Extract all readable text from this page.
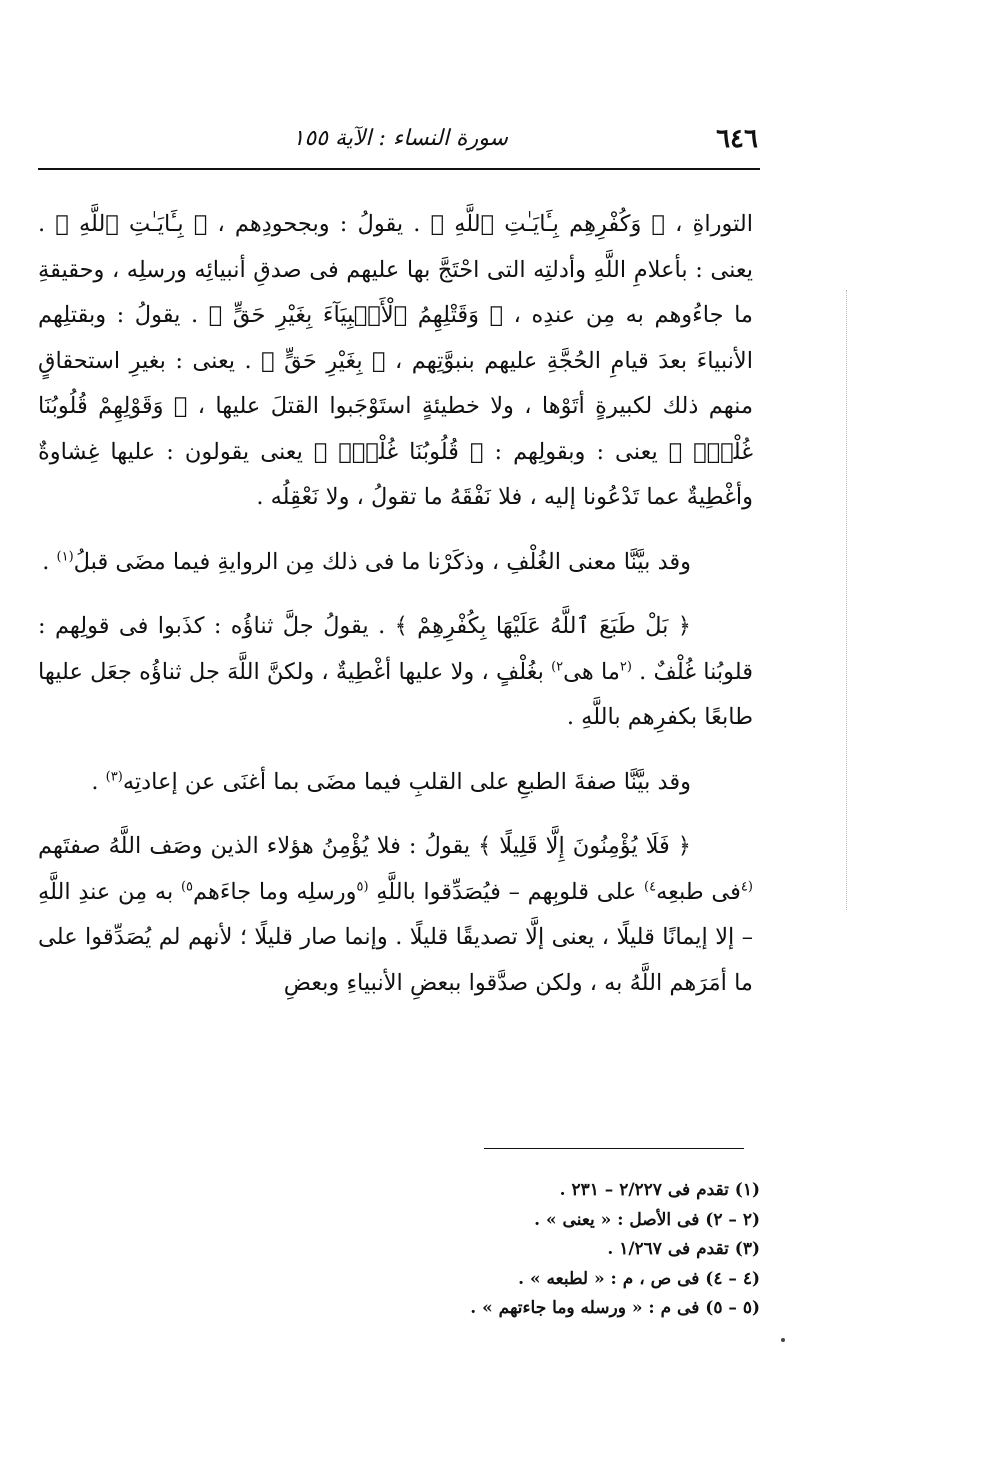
٦٤٦
سورة النساء : الآية ١٥٥

التوراةِ ، ﴿ وَكُفْرِهِم بِـَٔايَـٰتِ ٱللَّهِ ﴾ . يقولُ : وبجحودِهم ، ﴿ بِـَٔايَـٰتِ ٱللَّهِ ﴾ . يعنى : بأعلامِ اللَّهِ وأدلتِه التى احْتَجَّ بها عليهم فى صدقِ أنبيائِه ورسلِه ، وحقيقةِ ما جاءُوهم به مِن عندِه ، ﴿ وَقَتْلِهِمُ ٱلْأَنۢبِيَآءَ بِغَيْرِ حَقٍّ ﴾ . يقولُ : وبقتلِهم الأنبياءَ بعدَ قيامِ الحُجَّةِ عليهم بنبوَّتِهم ، ﴿ بِغَيْرِ حَقٍّ ﴾ . يعنى : بغيرِ استحقاقٍ منهم ذلك لكبيرةٍ أتَوْها ، ولا خطيئةٍ استَوْجَبوا القتلَ عليها ، ﴿ وَقَوْلِهِمْ قُلُوبُنَا غُلْفٌۢ ﴾ يعنى : وبقولِهم : ﴿ قُلُوبُنَا غُلْفٌۢ ﴾ يعنى يقولون : عليها غِشاوةٌ وأغْطِيةٌ عما تَدْعُونا إليه ، فلا نَفْقَهُ ما تقولُ ، ولا نَعْقِلُه .

وقد بيَّنَّا معنى الغُلْفِ ، وذكَرْنا ما فى ذلك مِن الروايةِ فيما مضَى قبلُ$^{(١)}$ .

﴿ بَلْ طَبَعَ ٱللَّهُ عَلَيْهَا بِكُفْرِهِمْ ﴾ . يقولُ جلَّ ثناؤُه : كذَبوا فى قولِهم : قلوبُنا غُلْفٌ . $^{(٢}$ما هى$^{٢)}$ بغُلْفٍ ، ولا عليها أغْطِيةٌ ، ولكنَّ اللَّهَ جل ثناؤُه جعَل عليها طابعًا بكفرِهم باللَّهِ .

وقد بيَّنَّا صفةَ الطبعِ على القلبِ فيما مضَى بما أغنَى عن إعادتِه$^{(٣)}$ .

﴿ فَلَا يُؤْمِنُونَ إِلَّا قَلِيلًا ﴾ يقولُ : فلا يُؤْمِنُ هؤلاء الذين وصَف اللَّهُ صفتَهم $^{(٤}$فى طبعِه$^{٤)}$ على قلوبِهم – فيُصَدِّقوا باللَّهِ $^{(٥}$ورسلِه وما جاءَهم$^{٥)}$ به مِن عندِ اللَّهِ – إلا إيمانًا قليلًا ، يعنى إلَّا تصديقًا قليلًا . وإنما صار قليلًا ؛ لأنهم لم يُصَدِّقوا على ما أمَرَهم اللَّهُ به ، ولكن صدَّقوا ببعضِ الأنبياءِ وبعضِ

(١) تقدم فى ٢/٢٢٧ – ٢٣١ .
(٢ – ٢) فى الأصل : « يعنى » .
(٣) تقدم فى ١/٢٦٧ .
(٤ – ٤) فى ص ، م : « لطبعه » .
(٥ – ٥) فى م : « ورسله وما جاءتهم » .
